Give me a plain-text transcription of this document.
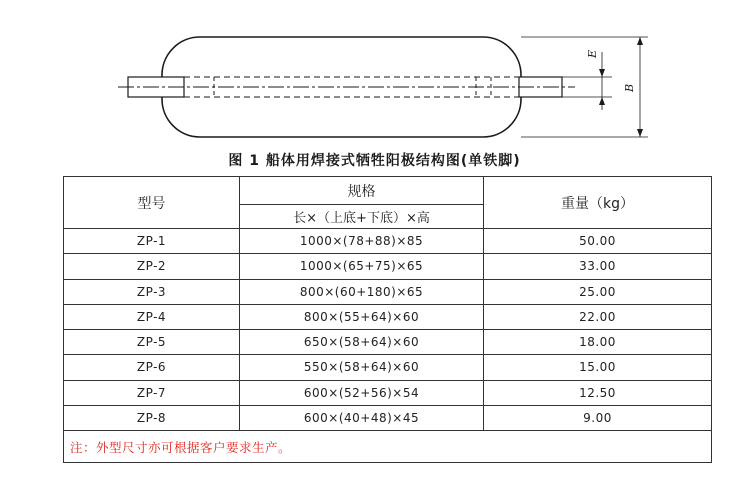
E
B
图 1 船体用焊接式牺牲阳极结构图(单铁脚)
型号	规格	重量（kg）
	长×（上底+下底）×高	
ZP-1	1000×(78+88)×85	50.00
ZP-2	1000×(65+75)×65	33.00
ZP-3	800×(60+180)×65	25.00
ZP-4	800×(55+64)×60	22.00
ZP-5	650×(58+64)×60	18.00
ZP-6	550×(58+64)×60	15.00
ZP-7	600×(52+56)×54	12.50
ZP-8	600×(40+48)×45	9.00
注：外型尺寸亦可根据客户要求生产。		
